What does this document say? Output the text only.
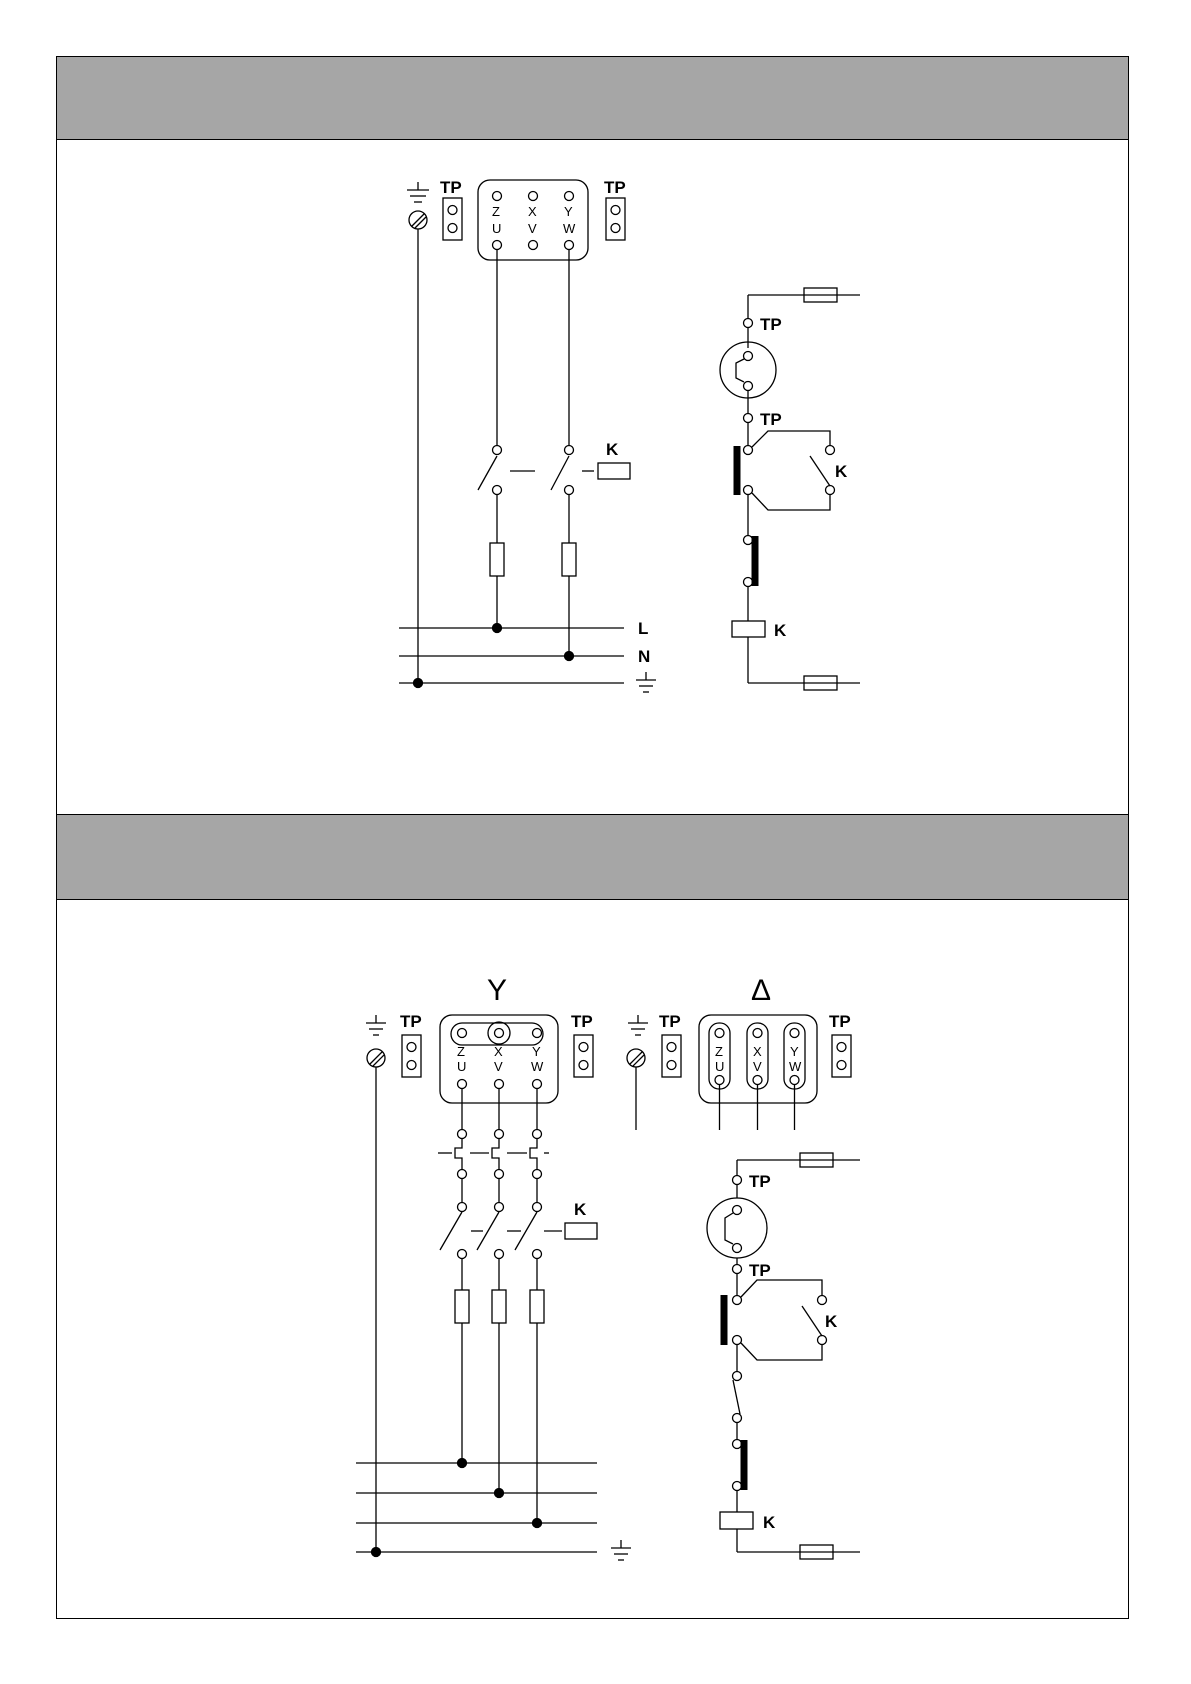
TP
Z X Y
U V W
TP
K
L
N
TP
TP
K
K
Y	Δ
TP
Z X Y
U V W
TP	TP
Z X Y
U V W
TP
K
TP
TP
K
K
